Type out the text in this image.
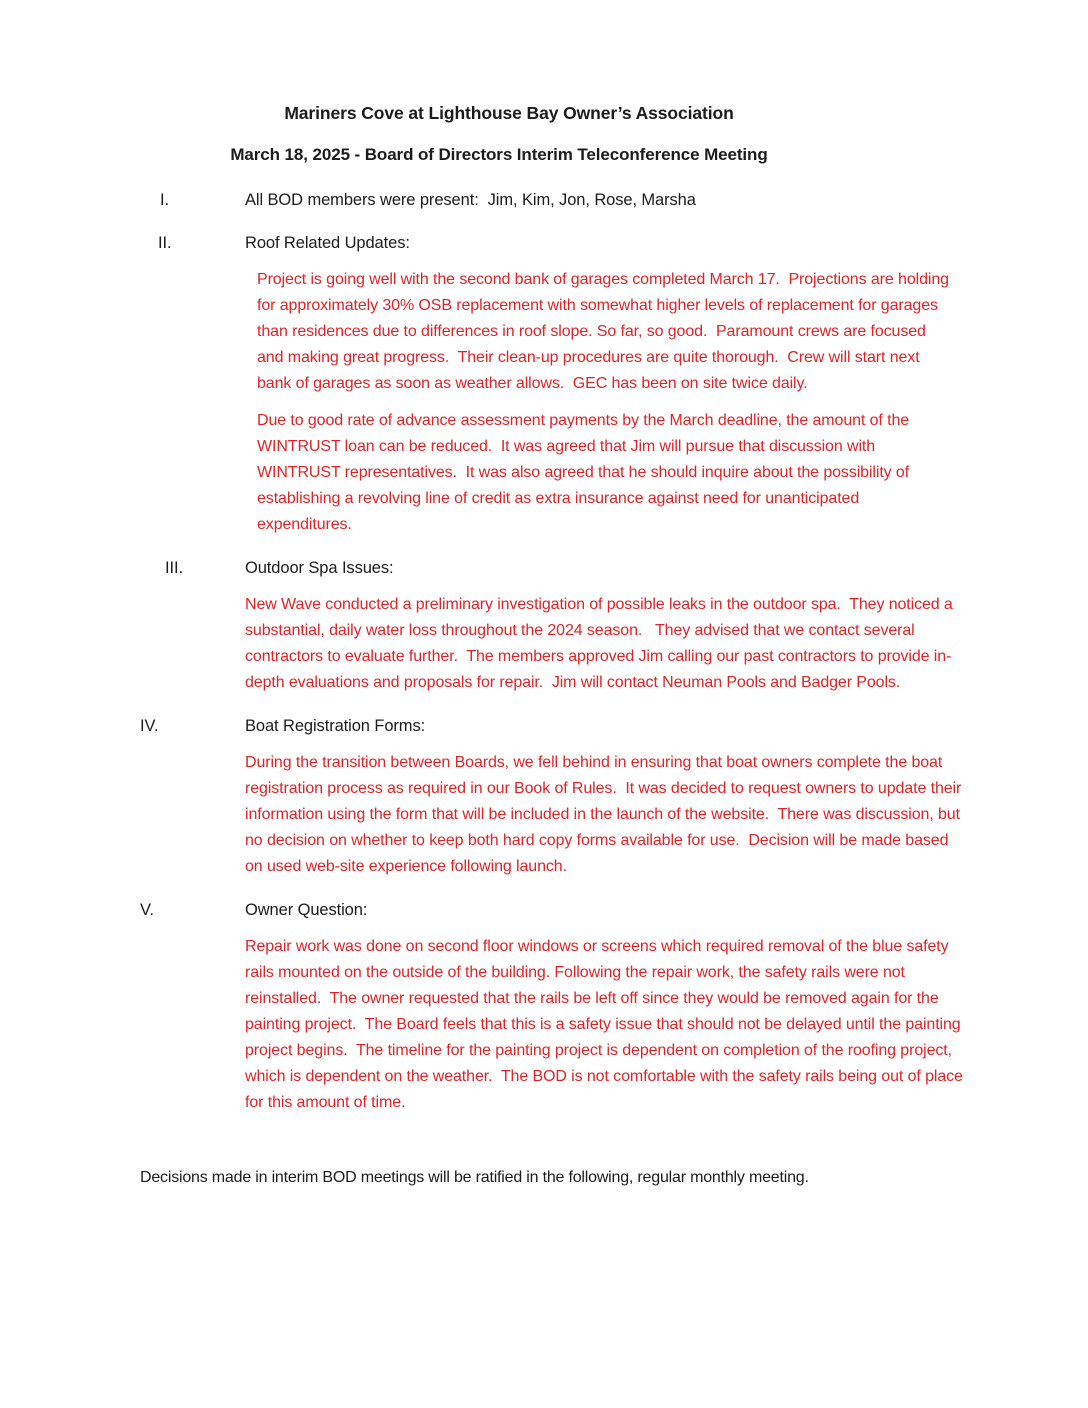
Mariners Cove at Lighthouse Bay Owner’s Association
March 18, 2025 - Board of Directors Interim Teleconference Meeting
I.	All BOD members were present:  Jim, Kim, Jon, Rose, Marsha
II.	Roof Related Updates:

Project is going well with the second bank of garages completed March 17.  Projections are holding for approximately 30% OSB replacement with somewhat higher levels of replacement for garages than residences due to differences in roof slope. So far, so good.  Paramount crews are focused and making great progress.  Their clean-up procedures are quite thorough.  Crew will start next bank of garages as soon as weather allows.  GEC has been on site twice daily.

Due to good rate of advance assessment payments by the March deadline, the amount of the WINTRUST loan can be reduced.  It was agreed that Jim will pursue that discussion with WINTRUST representatives.  It was also agreed that he should inquire about the possibility of establishing a revolving line of credit as extra insurance against need for unanticipated expenditures.

III.	Outdoor Spa Issues:

New Wave conducted a preliminary investigation of possible leaks in the outdoor spa.  They noticed a substantial, daily water loss throughout the 2024 season.   They advised that we contact several contractors to evaluate further.  The members approved Jim calling our past contractors to provide in-depth evaluations and proposals for repair.  Jim will contact Neuman Pools and Badger Pools.

IV.	Boat Registration Forms:

During the transition between Boards, we fell behind in ensuring that boat owners complete the boat registration process as required in our Book of Rules.  It was decided to request owners to update their information using the form that will be included in the launch of the website.  There was discussion, but no decision on whether to keep both hard copy forms available for use.  Decision will be made based on used web-site experience following launch.

V.	Owner Question:

Repair work was done on second floor windows or screens which required removal of the blue safety rails mounted on the outside of the building. Following the repair work, the safety rails were not reinstalled.  The owner requested that the rails be left off since they would be removed again for the painting project.  The Board feels that this is a safety issue that should not be delayed until the painting project begins.  The timeline for the painting project is dependent on completion of the roofing project, which is dependent on the weather.  The BOD is not comfortable with the safety rails being out of place for this amount of time.

Decisions made in interim BOD meetings will be ratified in the following, regular monthly meeting.
